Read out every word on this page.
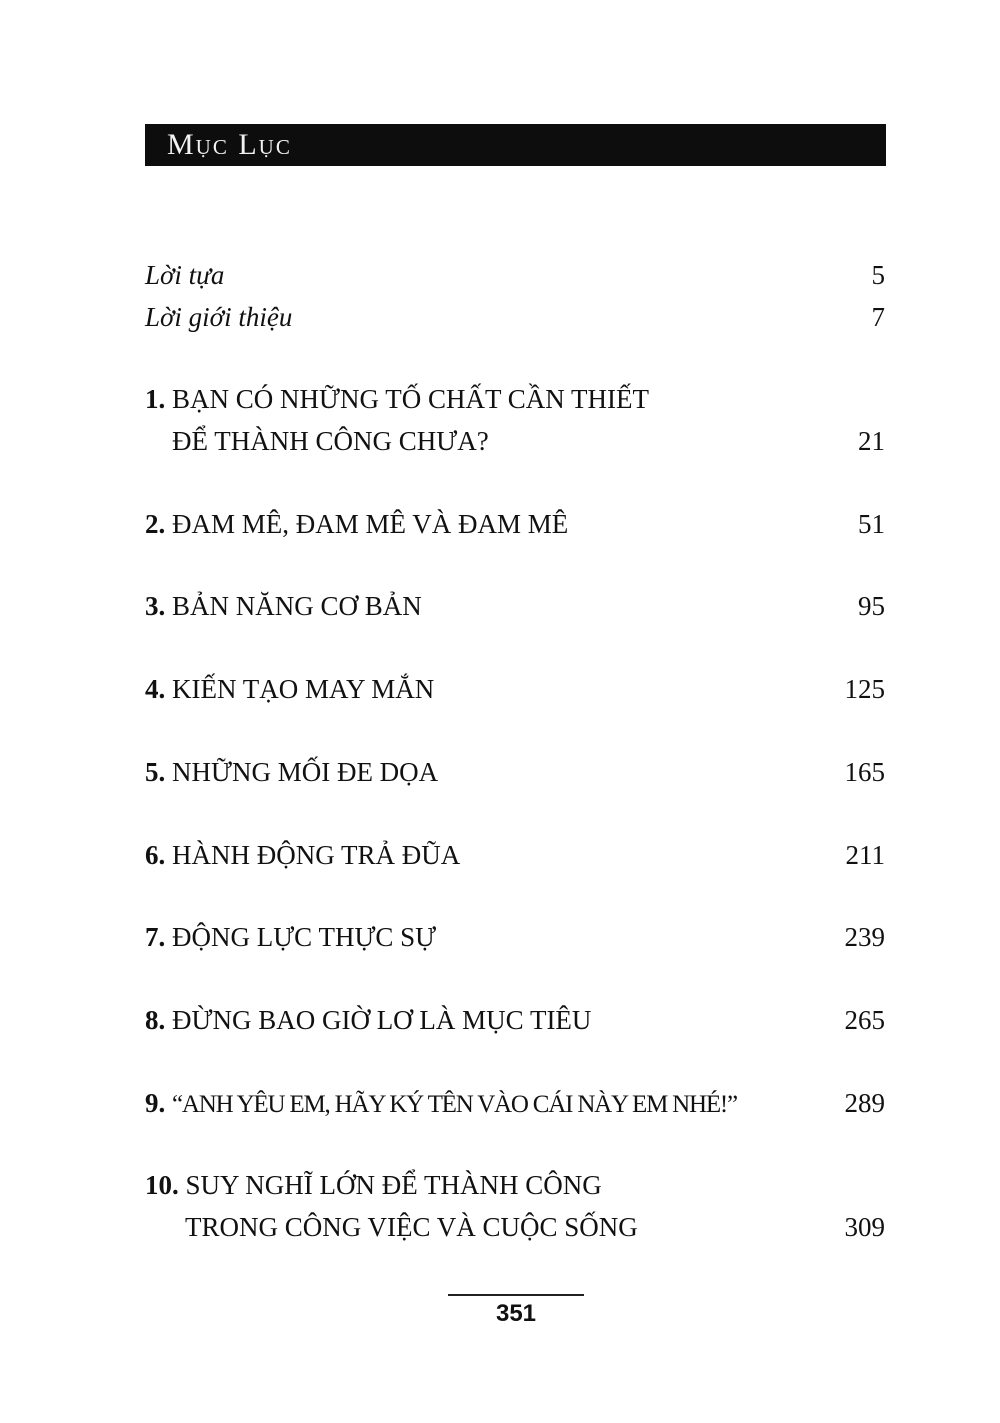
Mục Lục
Lời tựa	5
Lời giới thiệu	7
1. BẠN CÓ NHỮNG TỐ CHẤT CẦN THIẾT
ĐỂ THÀNH CÔNG CHƯA?	21
2. ĐAM MÊ, ĐAM MÊ VÀ ĐAM MÊ	51
3. BẢN NĂNG CƠ BẢN	95
4. KIẾN TẠO MAY MẮN	125
5. NHỮNG MỐI ĐE DỌA	165
6. HÀNH ĐỘNG TRẢ ĐŨA	211
7. ĐỘNG LỰC THỰC SỰ	239
8. ĐỪNG BAO GIỜ LƠ LÀ MỤC TIÊU	265
9. “ANH YÊU EM, HÃY KÝ TÊN VÀO CÁI NÀY EM NHÉ!”	289
10. SUY NGHĨ LỚN ĐỂ THÀNH CÔNG
TRONG CÔNG VIỆC VÀ CUỘC SỐNG	309
351
